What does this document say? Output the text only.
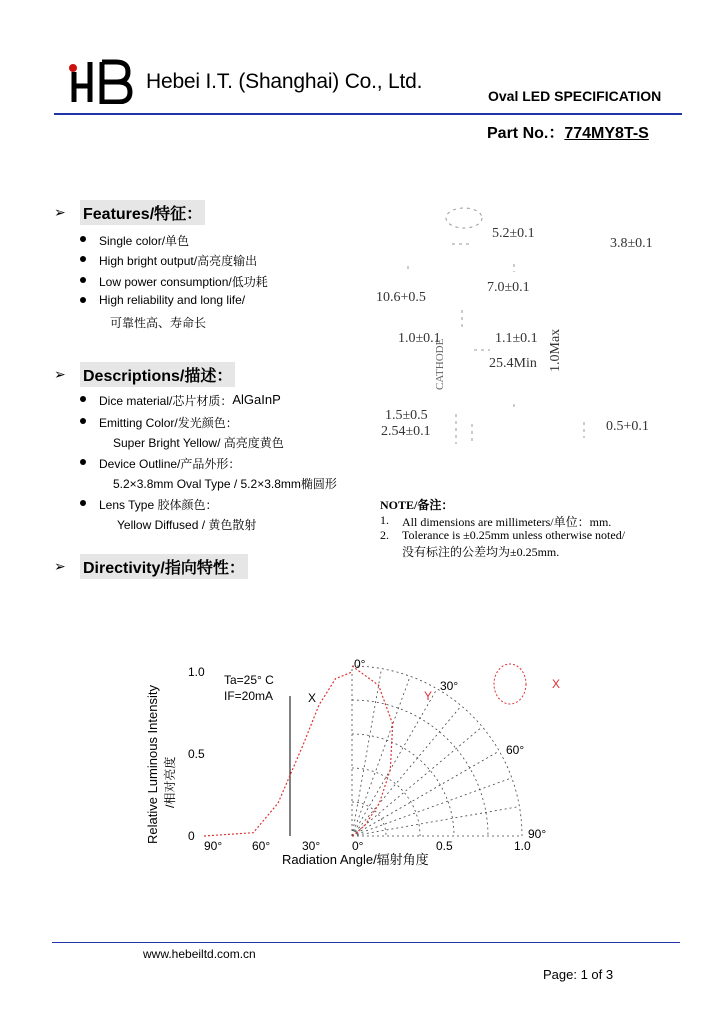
Hebei I.T. (Shanghai) Co., Ltd.
Oval LED SPECIFICATION
Part No.：774MY8T-S
➢	Features/特征：
Single color/单色
High bright output/高亮度输出
Low power consumption/低功耗
High reliability and long life/
可靠性高、寿命长
➢	Descriptions/描述：
Dice material/芯片材质： AlGaInP
Emitting Color/发光颜色：
Super Bright Yellow/ 高亮度黄色
Device Outline/产品外形：
5.2×3.8mm Oval Type / 5.2×3.8mm椭圆形
Lens Type 胶体颜色：
Yellow Diffused / 黄色散射
➢	Directivity/指向特性：
5.2±0.1
3.8±0.1
7.0±0.1
10.6+0.5
1.0±0.1	1.1±0.1
25.4Min 1.0Max
CATHODE
1.5±0.5
2.54±0.1	0.5+0.1
NOTE/备注：
1. All dimensions are millimeters/单位：mm.
2. Tolerance is ±0.25mm unless otherwise noted/
没有标注的公差均为±0.25mm.
Relative Luminous Intensity /相对亮度
1.0
0.5
0
90° 60°	30°	0°	0.5	1.0
Ta=25° C
IF=20mA	X	Y
0°
30°
60°
90°
X
Radiation Angle/辐射角度
www.hebeiltd.com.cn
Page: 1 of 3
